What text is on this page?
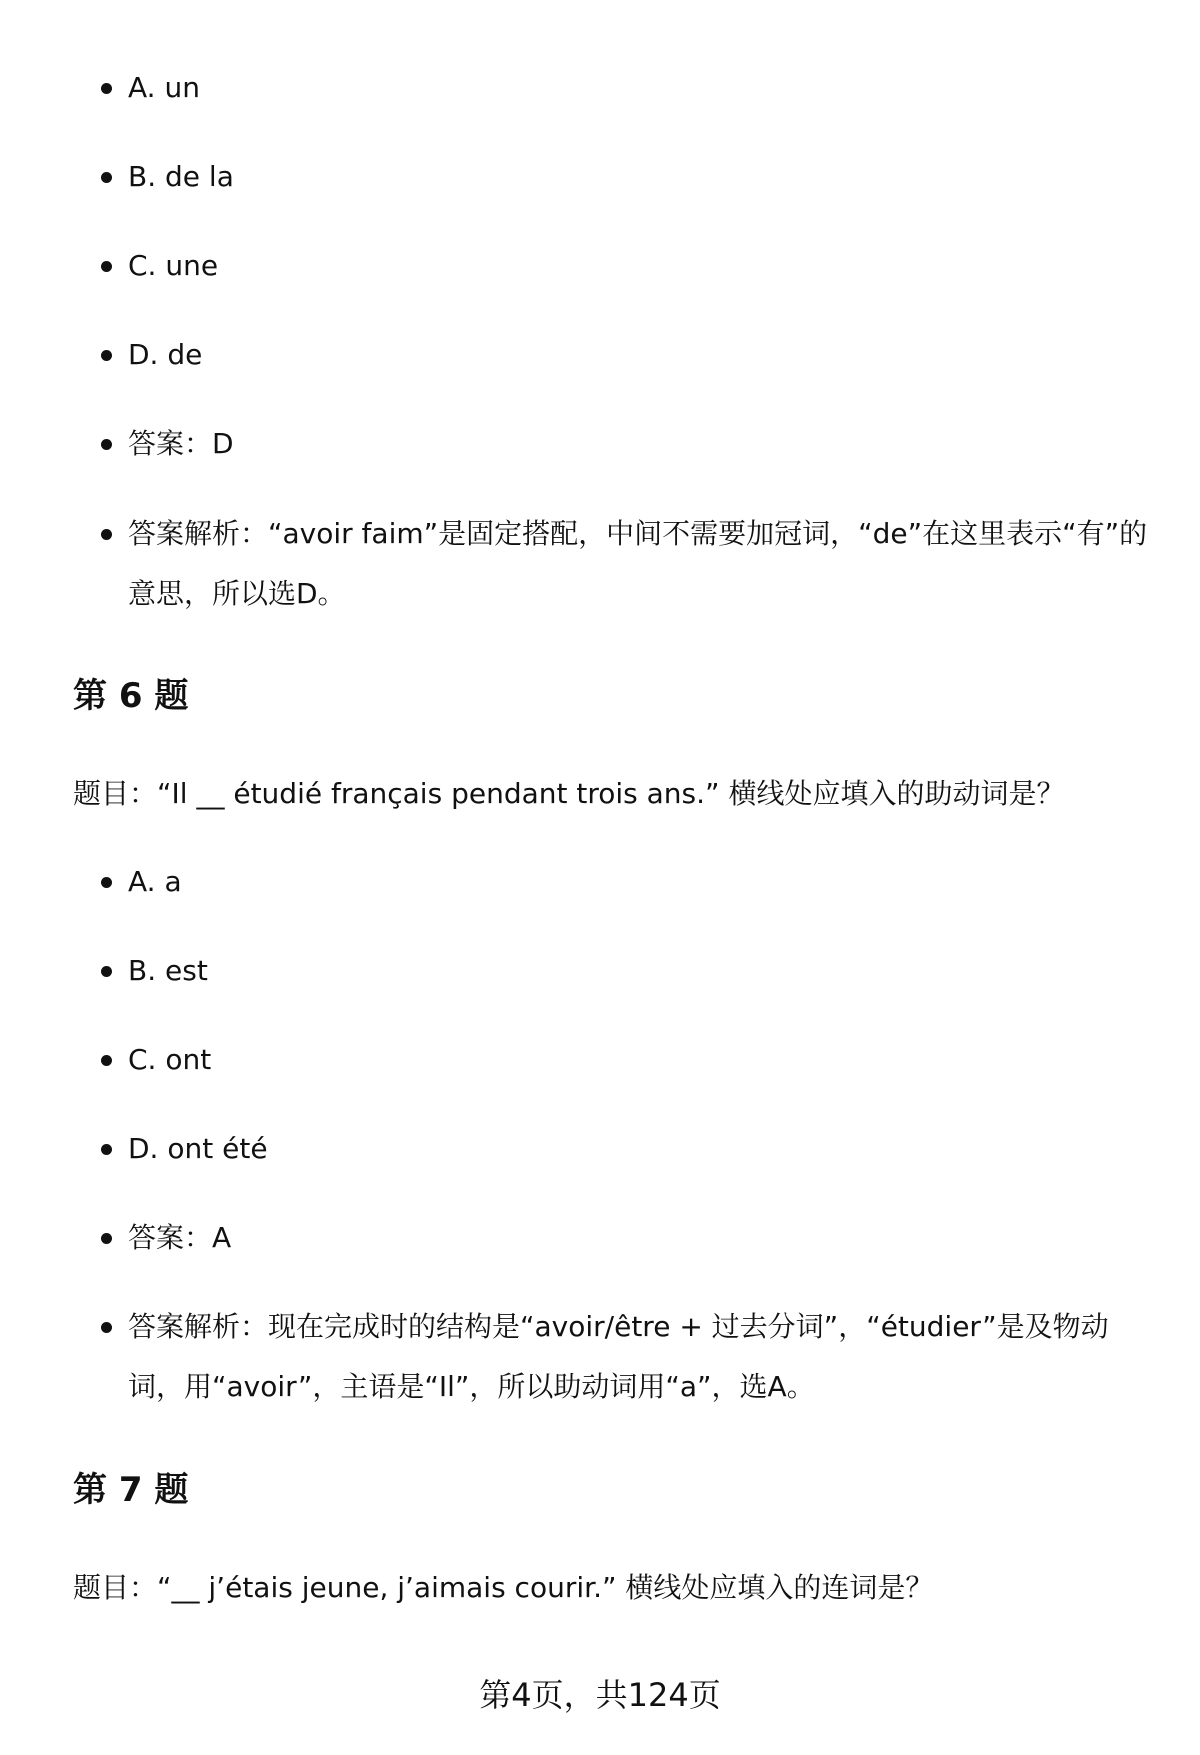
A. un
B. de la
C. une
D. de
答案：D
答案解析：“avoir faim”是固定搭配，中间不需要加冠词，“de”在这里表示“有”的意思，所以选D。
第 6 题
题目：“Il __ étudié français pendant trois ans.” 横线处应填入的助动词是？
A. a
B. est
C. ont
D. ont été
答案：A
答案解析：现在完成时的结构是“avoir/être + 过去分词”，“étudier”是及物动词，用“avoir”，主语是“Il”，所以助动词用“a”，选A。
第 7 题
题目：“__ j’étais jeune, j’aimais courir.” 横线处应填入的连词是？
第4页，共124页
